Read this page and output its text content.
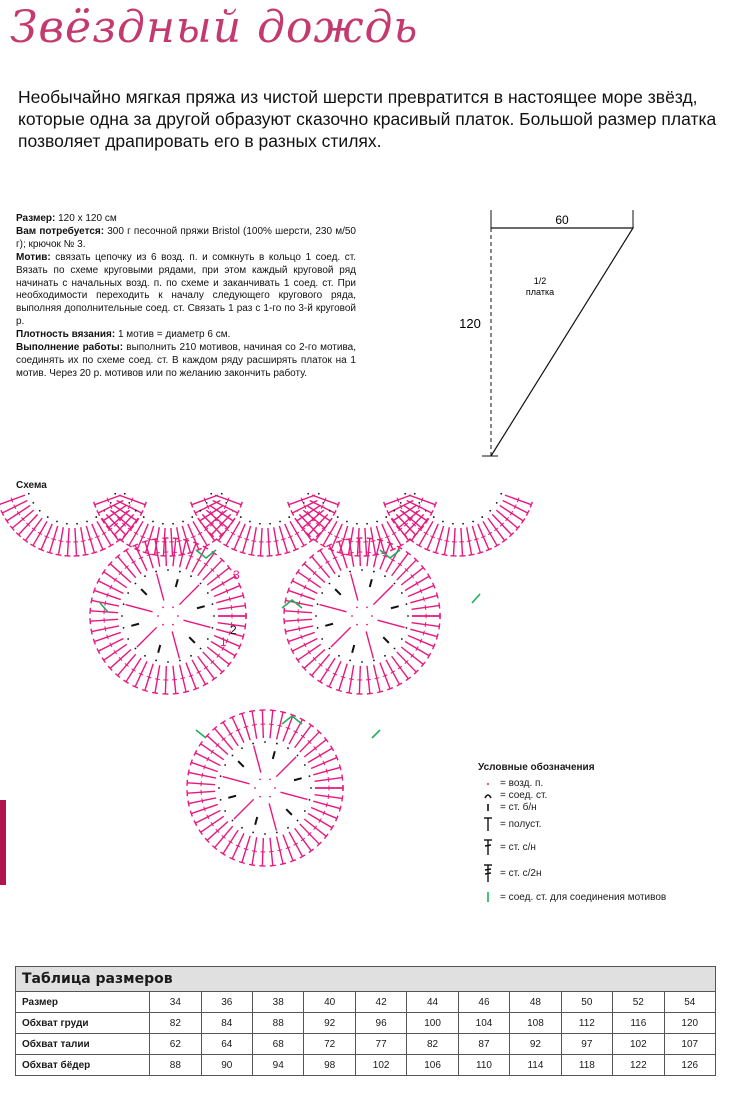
Звёздный дождь
Необычайно мягкая пряжа из чистой шерсти превратится в настоящее море звёзд, которые одна за другой образуют сказочно красивый платок. Большой размер платка позволяет драпировать его в разных стилях.

Размер: 120 х 120 см

Вам потребуется: 300 г песочной пряжи Bristol (100% шерсти, 230 м/50 г); крючок № 3.

Мотив: связать цепочку из 6 возд. п. и сомкнуть в кольцо 1 соед. ст. Вязать по схеме круговыми рядами, при этом каждый круговой ряд начинать с начальных возд. п. по схеме и заканчивать 1 соед. ст. При необходимости переходить к началу следующего кругового ряда, выполняя дополнительные соед. ст. Связать 1 раз с 1-го по 3-й круговой р.

Плотность вязания: 1 мотив = диаметр 6 см.

Выполнение работы: выполнить 210 мотивов, начиная со 2-го мотива, соединять их по схеме соед. ст. В каждом ряду расширять платок на 1 мотив. Через 20 р. мотивов или по желанию закончить работу.

60
120
1/2
платка
Схема
3
2
1
Условные обозначения
= возд. п.
= соед. ст.
= ст. б/н
= полуст.
= ст. с/н
= ст. с/2н
= соед. ст. для соединения мотивов
Таблица размеров											
Размер	34	36	38	40	42	44	46	48	50	52	54
Обхват груди	82	84	88	92	96	100	104	108	112	116	120
Обхват талии	62	64	68	72	77	82	87	92	97	102	107
Обхват бёдер	88	90	94	98	102	106	110	114	118	122	126
